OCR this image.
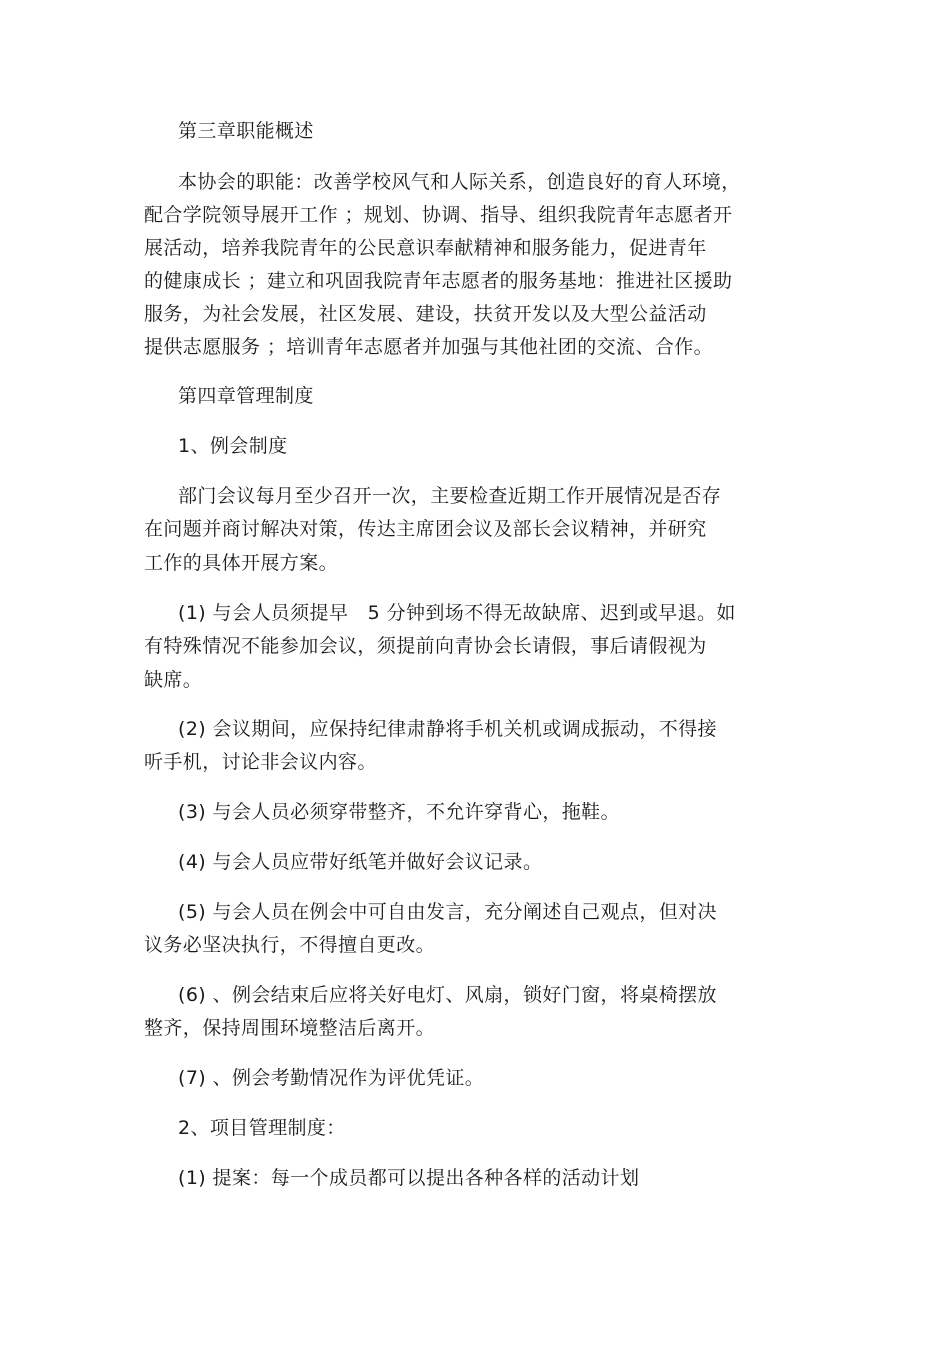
第三章职能概述
本协会的职能：改善学校风气和人际关系，创造良好的育人环境，
配合学院领导展开工作 ；规划、协调、指导、组织我院青年志愿者开
展活动，培养我院青年的公民意识奉献精神和服务能力，促进青年
的健康成长 ；建立和巩固我院青年志愿者的服务基地：推进社区援助
服务，为社会发展，社区发展、建设，扶贫开发以及大型公益活动
提供志愿服务 ；培训青年志愿者并加强与其他社团的交流、合作。
第四章管理制度
1、例会制度
部门会议每月至少召开一次，主要检查近期工作开展情况是否存
在问题并商讨解决对策，传达主席团会议及部长会议精神，并研究
工作的具体开展方案。
(1) 与会人员须提早   5 分钟到场不得无故缺席、迟到或早退。如
有特殊情况不能参加会议，须提前向青协会长请假，事后请假视为
缺席。
(2) 会议期间，应保持纪律肃静将手机关机或调成振动，不得接
听手机，讨论非会议内容。
(3) 与会人员必须穿带整齐，不允许穿背心，拖鞋。
(4) 与会人员应带好纸笔并做好会议记录。
(5) 与会人员在例会中可自由发言，充分阐述自己观点，但对决
议务必坚决执行，不得擅自更改。
(6) 、例会结束后应将关好电灯、风扇，锁好门窗，将桌椅摆放
整齐，保持周围环境整洁后离开。
(7) 、例会考勤情况作为评优凭证。
2、项目管理制度：
(1) 提案：每一个成员都可以提出各种各样的活动计划
